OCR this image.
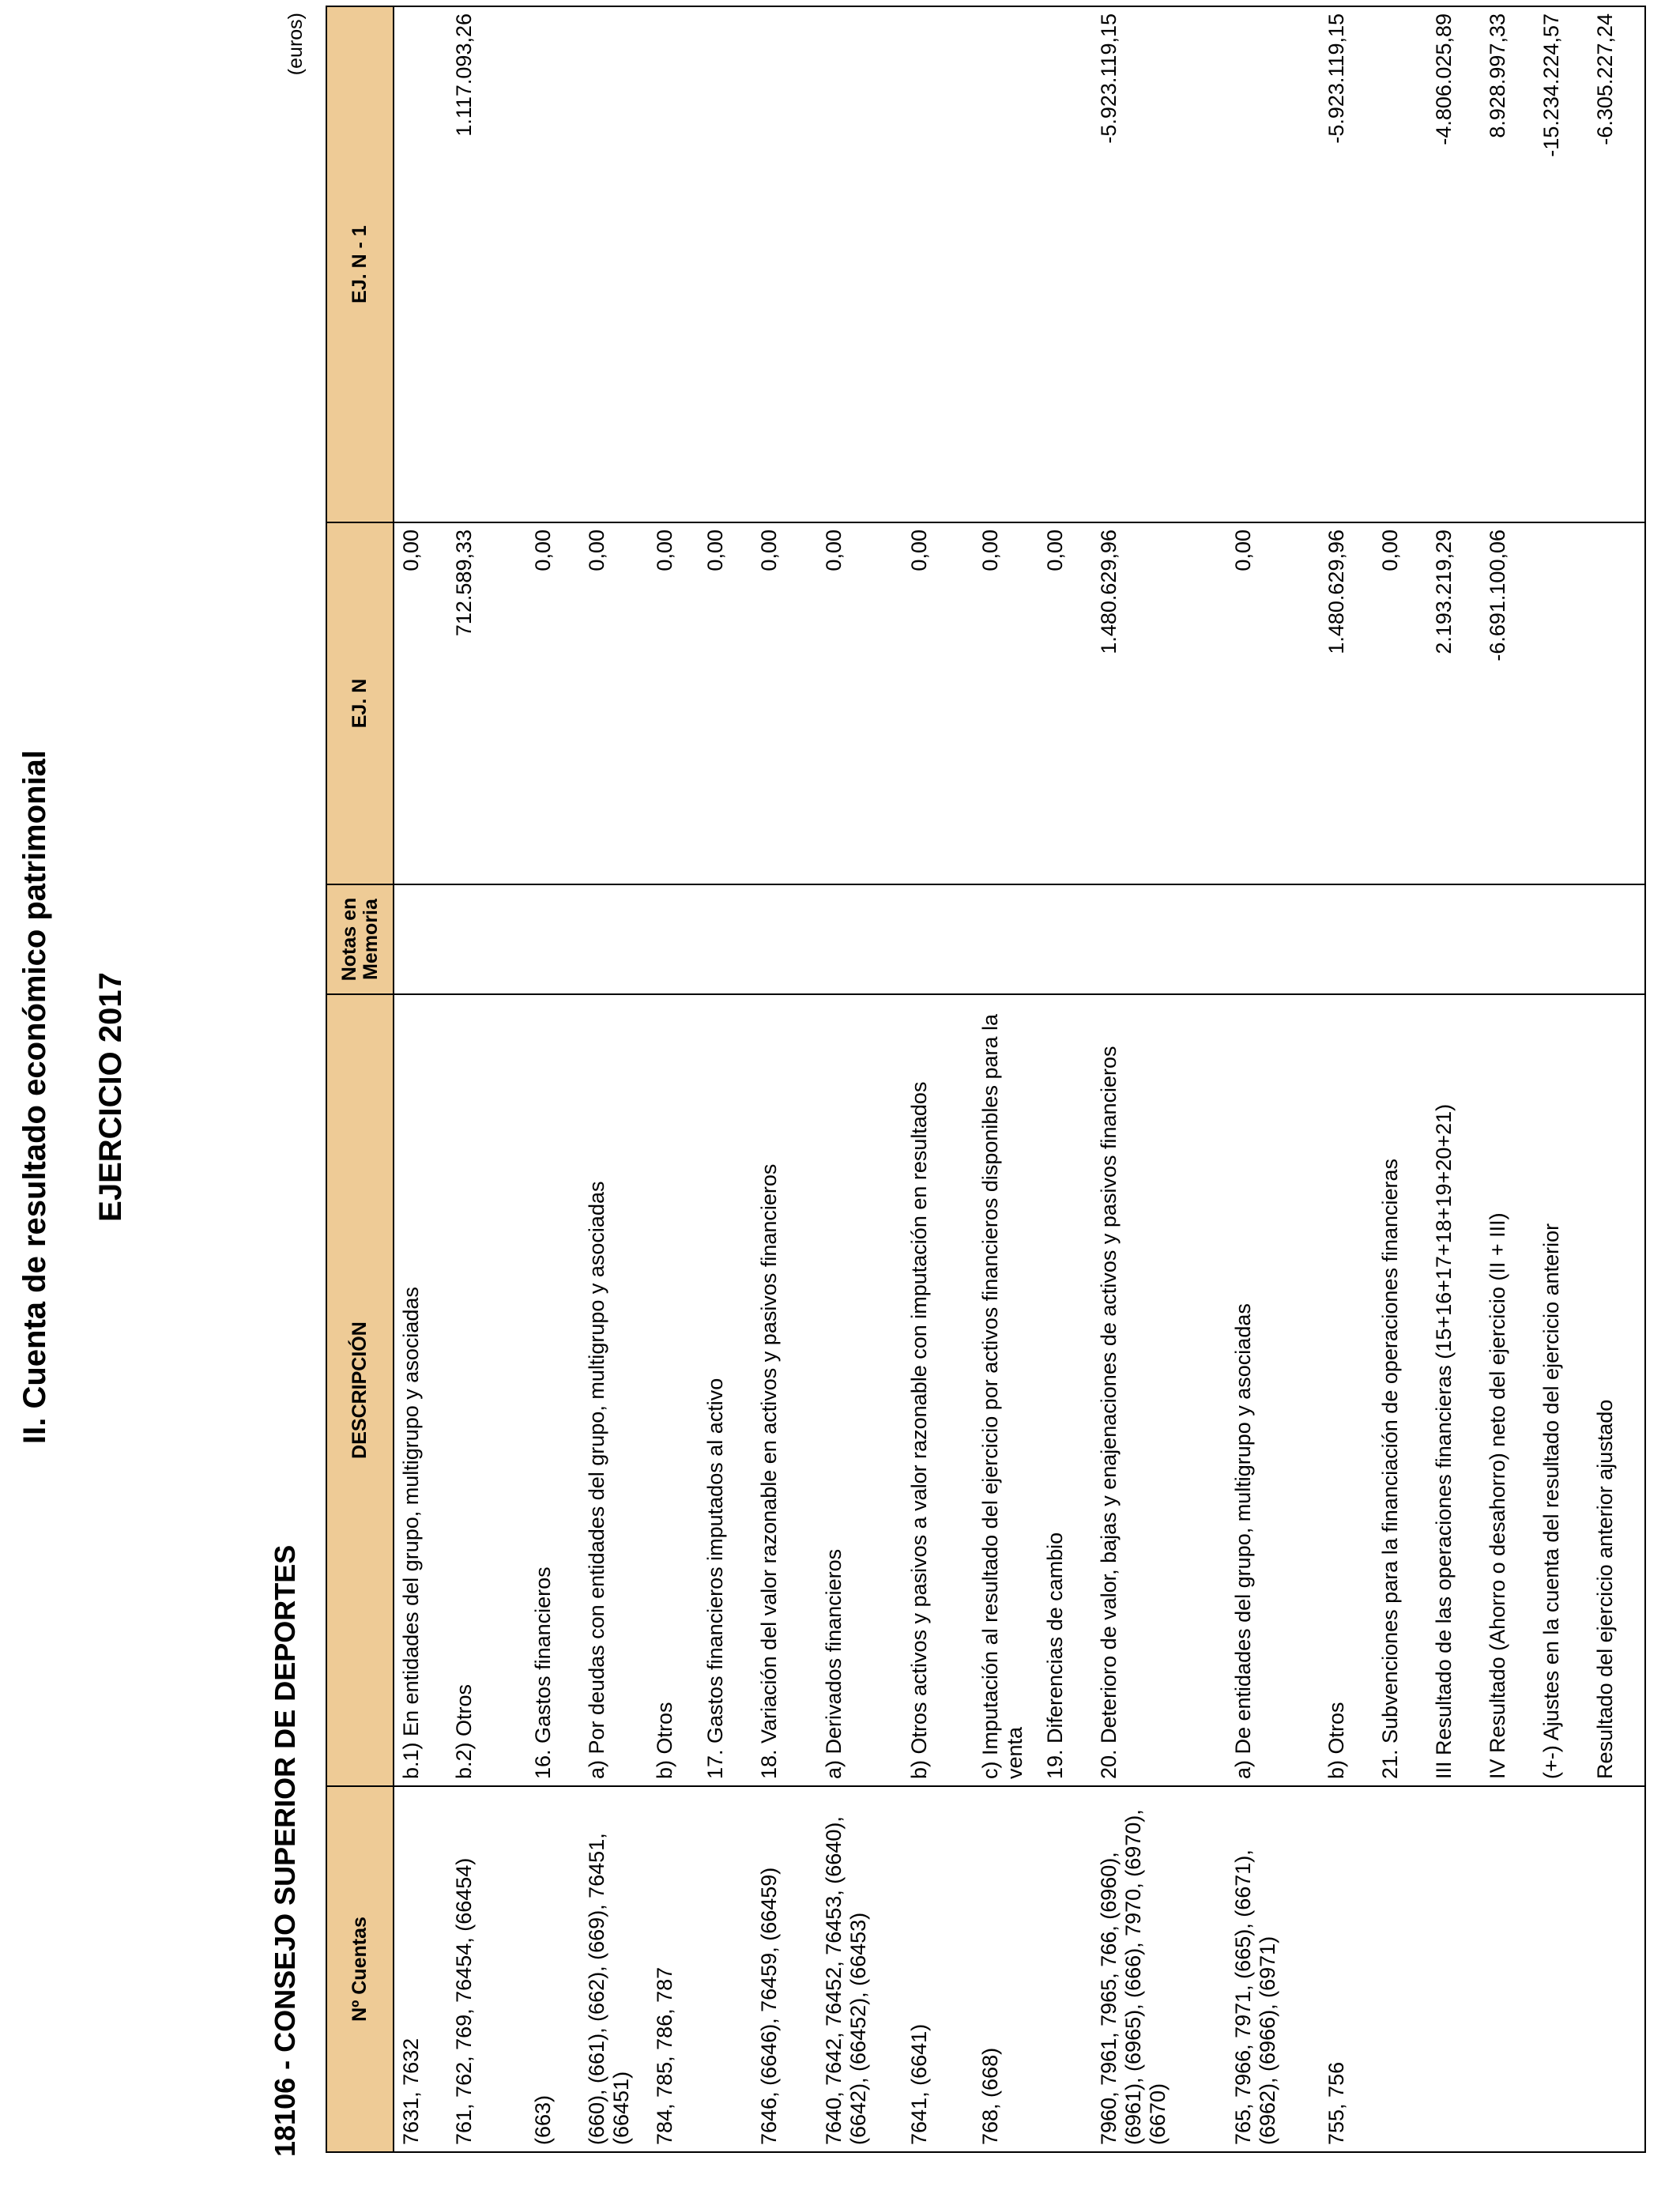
II. Cuenta de resultado económico patrimonial EJERCICIO 2017
18106 - CONSEJO SUPERIOR DE DEPORTES
(euros)
Nº Cuentas	DESCRIPCIÓN	Notas en Memoria	EJ. N	EJ. N - 1
7631, 7632	b.1) En entidades del grupo, multigrupo y asociadas		0,00	
761, 762, 769, 76454, (66454)	b.2) Otros		712.589,33	1.117.093,26
(663)	16. Gastos financieros		0,00	
(660), (661), (662), (669), 76451, (66451)	a) Por deudas con entidades del grupo, multigrupo y asociadas		0,00	
784, 785, 786, 787	b) Otros		0,00	
	17. Gastos financieros imputados al activo		0,00	
7646, (6646), 76459, (66459)	18. Variación del valor razonable en activos y pasivos financieros		0,00	
7640, 7642, 76452, 76453, (6640), (6642), (66452), (66453)	a) Derivados financieros		0,00	
7641, (6641)	b) Otros activos y pasivos a valor razonable con imputación en resultados		0,00	
768, (668)	c) Imputación al resultado del ejercicio por activos financieros disponibles para la venta		0,00	
	19. Diferencias de cambio		0,00	
7960, 7961, 7965, 766, (6960), (6961), (6965), (666), 7970, (6970), (6670)	20. Deterioro de valor, bajas y enajenaciones de activos y pasivos financieros		1.480.629,96	-5.923.119,15
765, 7966, 7971, (665), (6671), (6962), (6966), (6971)	a) De entidades del grupo, multigrupo y asociadas		0,00	
755, 756	b) Otros		1.480.629,96	-5.923.119,15
	21. Subvenciones para la financiación de operaciones financieras		0,00	
	III Resultado de las operaciones financieras (15+16+17+18+19+20+21)		2.193.219,29	-4.806.025,89
	IV Resultado (Ahorro o desahorro) neto del ejercicio (II + III)		-6.691.100,06	8.928.997,33
	(+-) Ajustes en la cuenta del resultado del ejercicio anterior			-15.234.224,57
	Resultado del ejercicio anterior ajustado			-6.305.227,24
